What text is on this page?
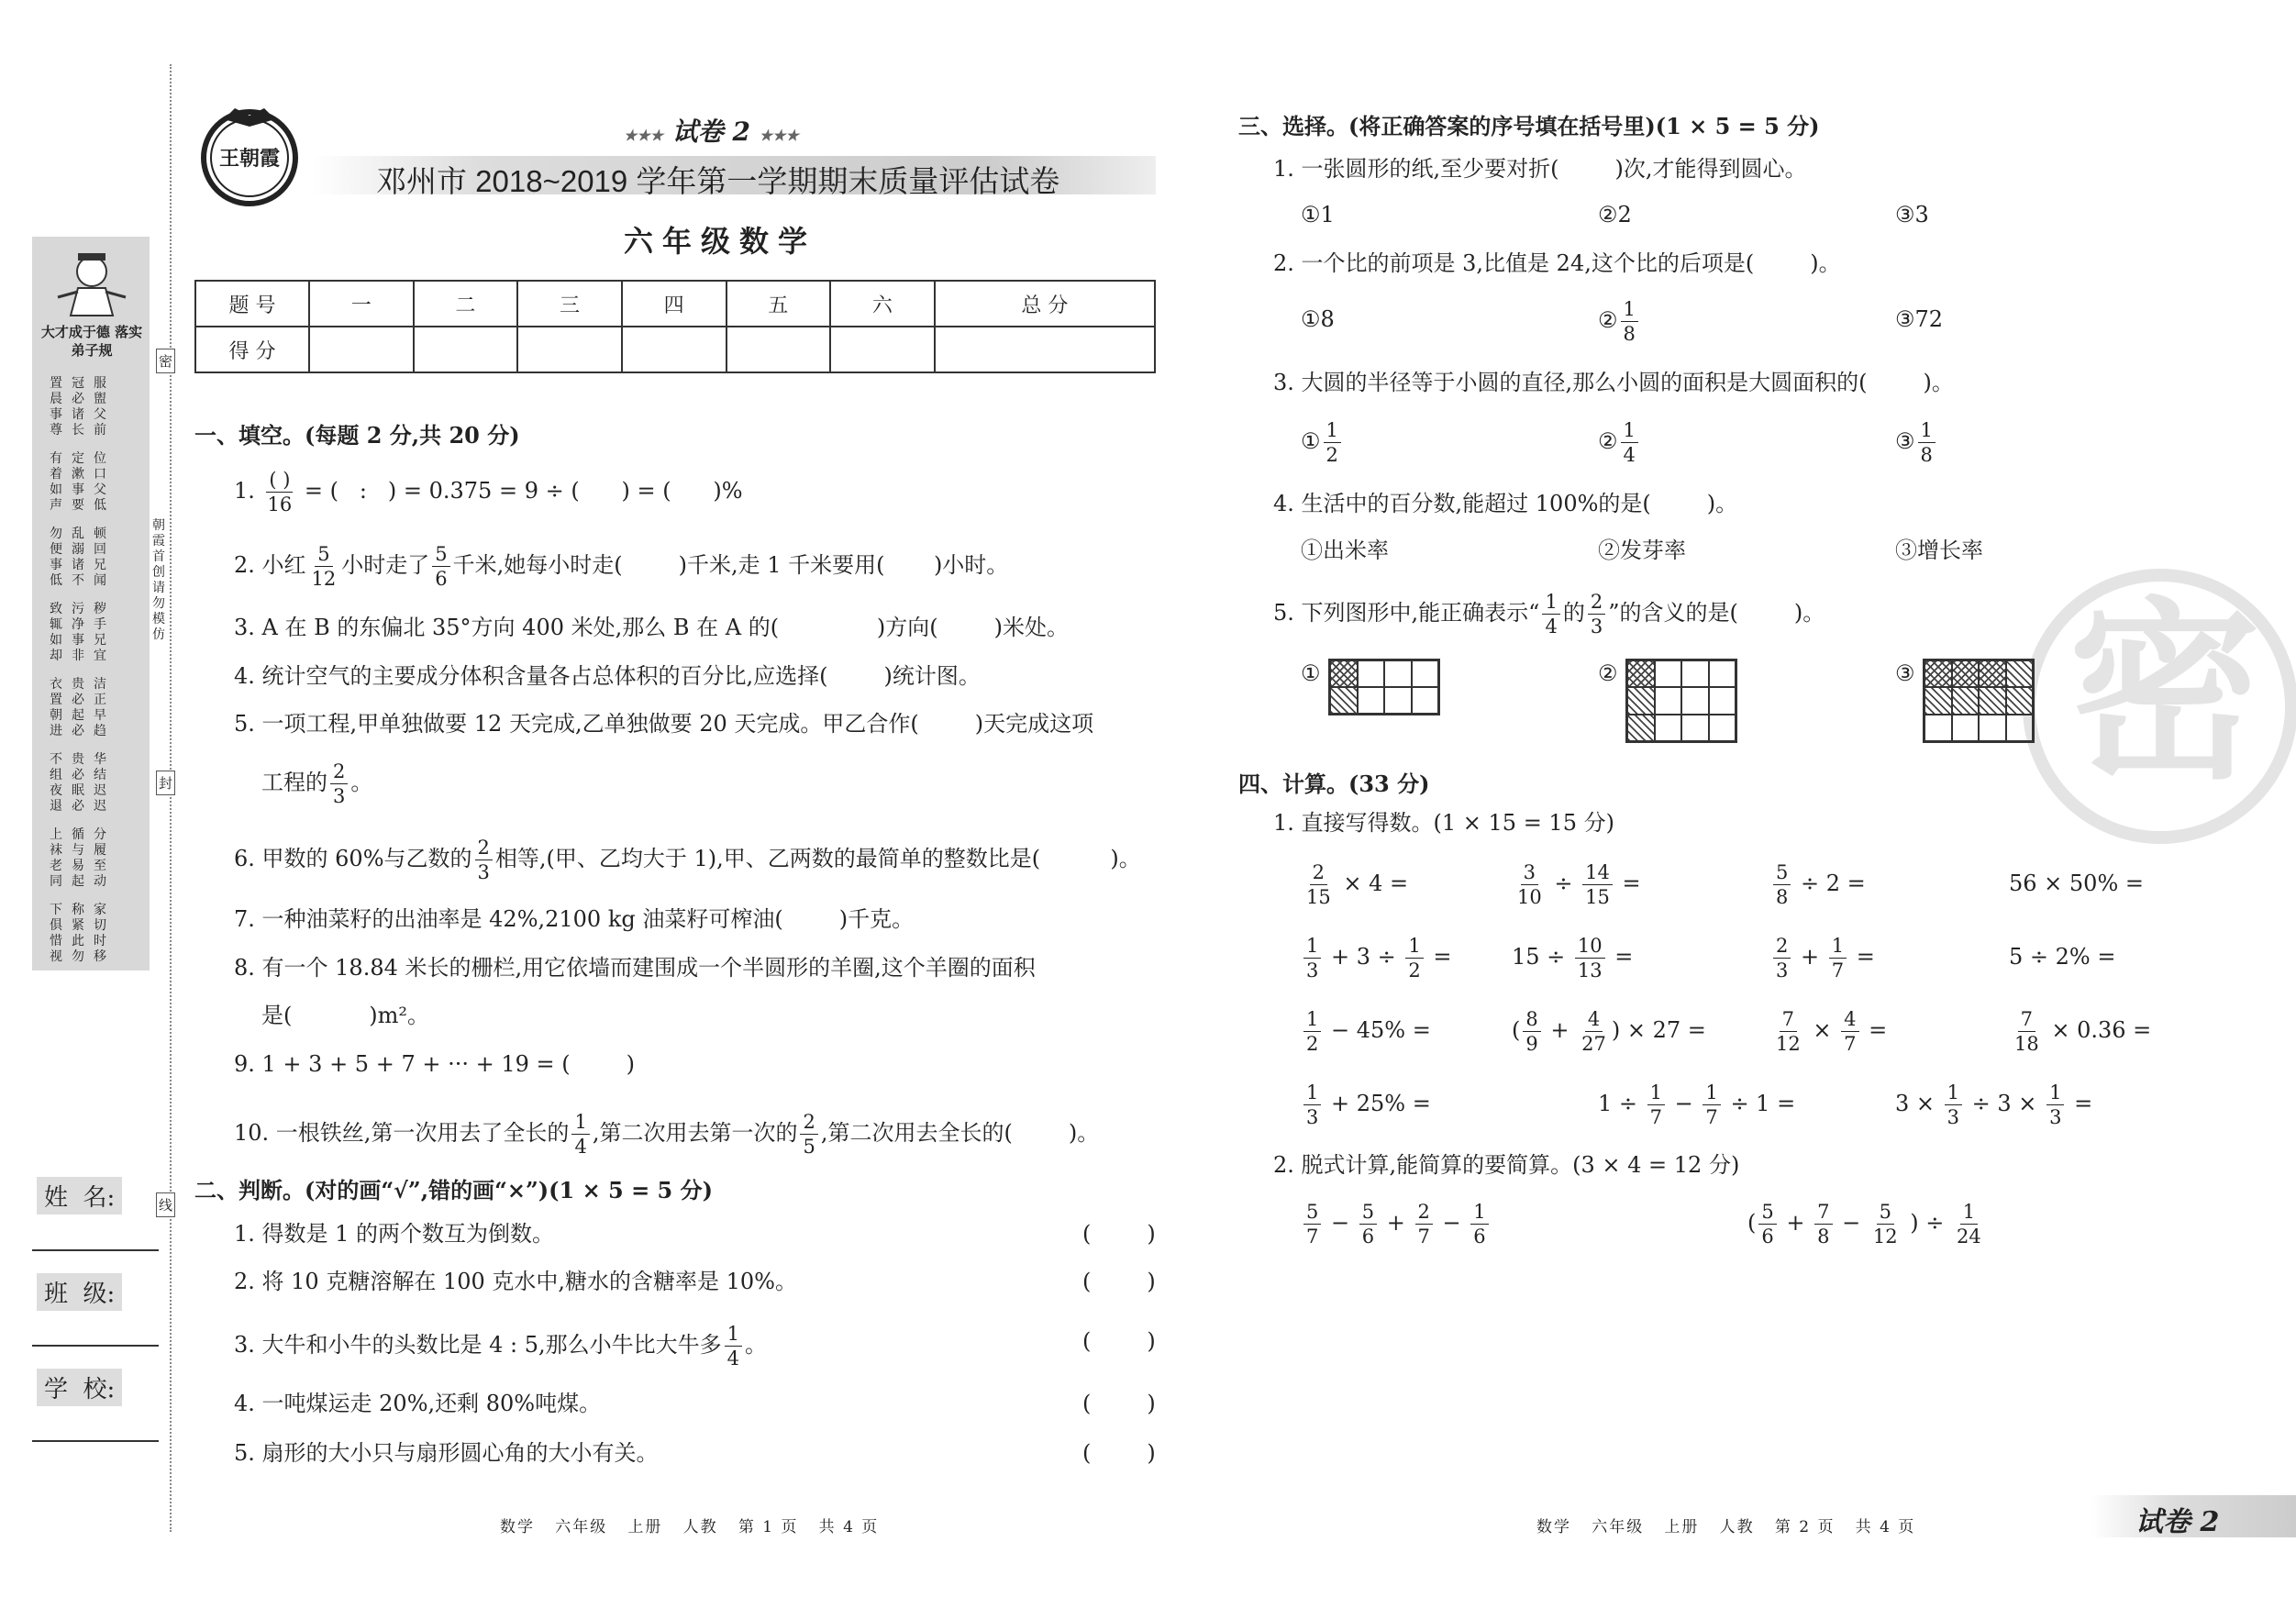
大才成于德 落实弟子规
置晨事尊
冠必诸长
服盥父前
有着如声
定漱事要
位口父低
勿便事低
乱溺诸不
顿回兄闻
致辄如却
污净事非
秽手兄宜
衣置朝进
贵必起必
洁正早趋
不组夜退
贵必眠必
华结迟迟
上袜老同
循与易起
分履至动
下俱惜视
称紧此勿
家切时移
密
封
线
朝霞首创 请勿模仿
姓  名:
班  级:
学  校:
王朝霞
★★★ 试卷 2 ★★★
邓州市 2018~2019 学年第一学期期末质量评估试卷
六年级数学
题 号	一	二	三	四	五	六	总 分
得 分							
一、填空。(每题 2 分,共 20 分)
1. $\frac{( )}{16}$ = (   :   ) = 0.375 = 9 ÷ (      ) = (      )%
2. 小红 $\frac{5}{12}$ 小时走了 $\frac{5}{6}$ 千米,她每小时走(        )千米,走 1 千米要用(       )小时。
3. A 在 B 的东偏北 35°方向 400 米处,那么 B 在 A 的(              )方向(        )米处。
4. 统计空气的主要成分体积含量各占总体积的百分比,应选择(        )统计图。
5. 一项工程,甲单独做要 12 天完成,乙单独做要 20 天完成。甲乙合作(        )天完成这项
工程的 $\frac{2}{3}$ 。
6. 甲数的 60%与乙数的 $\frac{2}{3}$ 相等,(甲、乙均大于 1),甲、乙两数的最简单的整数比是(          )。
7. 一种油菜籽的出油率是 42%,2100 kg 油菜籽可榨油(        )千克。
8. 有一个 18.84 米长的栅栏,用它依墙而建围成一个半圆形的羊圈,这个羊圈的面积
是(           )m²。
9. 1 + 3 + 5 + 7 + ··· + 19 = (        )
10. 一根铁丝,第一次用去了全长的 $\frac{1}{4}$ ,第二次用去第一次的 $\frac{2}{5}$ ,第二次用去全长的(        )。
二、判断。(对的画“√”,错的画“×”)(1 × 5 = 5 分)
1. 得数是 1 的两个数互为倒数。	(        )
2. 将 10 克糖溶解在 100 克水中,糖水的含糖率是 10%。	(        )
3. 大牛和小牛的头数比是 4 : 5,那么小牛比大牛多 $\frac{1}{4}$ 。	(        )
4. 一吨煤运走 20%,还剩 80%吨煤。	(        )
5. 扇形的大小只与扇形圆心角的大小有关。	(        )
数学   六年级   上册   人教   第 1 页   共 4 页
密
三、选择。(将正确答案的序号填在括号里)(1 × 5 = 5 分)
1. 一张圆形的纸,至少要对折(        )次,才能得到圆心。
①1	②2	③3
2. 一个比的前项是 3,比值是 24,这个比的后项是(        )。
①8	② $\frac{1}{8}$	③72
3. 大圆的半径等于小圆的直径,那么小圆的面积是大圆面积的(        )。
① $\frac{1}{2}$	② $\frac{1}{4}$	③ $\frac{1}{8}$
4. 生活中的百分数,能超过 100%的是(        )。
①出米率	②发芽率	③增长率
5. 下列图形中,能正确表示“ $\frac{1}{4}$ 的 $\frac{2}{3}$ ”的含义的是(        )。
①	②	③
四、计算。(33 分)
1. 直接写得数。(1 × 15 = 15 分)
$\frac{2}{15} \times 4$ =	$\frac{3}{10} \div \frac{14}{15}$ =	$\frac{5}{8} \div 2$ =	56 × 50% =
$\frac{1}{3} + 3 \div \frac{1}{2}$ =	$15 \div \frac{10}{13}$ =	$\frac{2}{3} + \frac{1}{7}$ =	5 ÷ 2% =
$\frac{1}{2} - 45\%$ =	( $\frac{8}{9} + \frac{4}{27}$ ) × 27 =	$\frac{7}{12} \times \frac{4}{7}$ =	$\frac{7}{18} \times 0.36$ =
$\frac{1}{3} + 25\%$ =	$1 \div \frac{1}{7} - \frac{1}{7} \div 1$ =	$3 \times \frac{1}{3} \div 3 \times \frac{1}{3}$ =
2. 脱式计算,能简算的要简算。(3 × 4 = 12 分)
$\frac{5}{7} - \frac{5}{6} + \frac{2}{7} - \frac{1}{6}$	( $\frac{5}{6} + \frac{7}{8} - \frac{5}{12}$ ) ÷ $\frac{1}{24}$
数学   六年级   上册   人教   第 2 页   共 4 页	试卷 2
